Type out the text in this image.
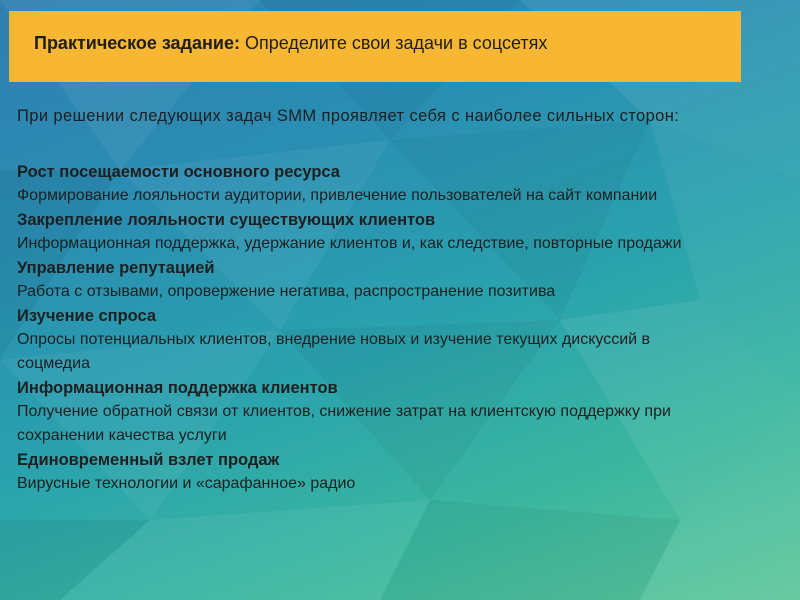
Практическое задание: Определите свои задачи в соцсетях

При решении следующих задач SMM проявляет себя с наиболее сильных сторон:

Рост посещаемости основного ресурса

Формирование лояльности аудитории, привлечение пользователей на сайт компании

Закрепление лояльности существующих клиентов

Информационная поддержка, удержание клиентов и, как следствие, повторные продажи

Управление репутацией

Работа с отзывами, опровержение негатива, распространение позитива

Изучение спроса

Опросы потенциальных клиентов, внедрение новых и изучение текущих дискуссий в соцмедиа

Информационная поддержка клиентов

Получение обратной связи от клиентов, снижение затрат на клиентскую поддержку при сохранении качества услуги

Единовременный взлет продаж

Вирусные технологии и «сарафанное» радио
